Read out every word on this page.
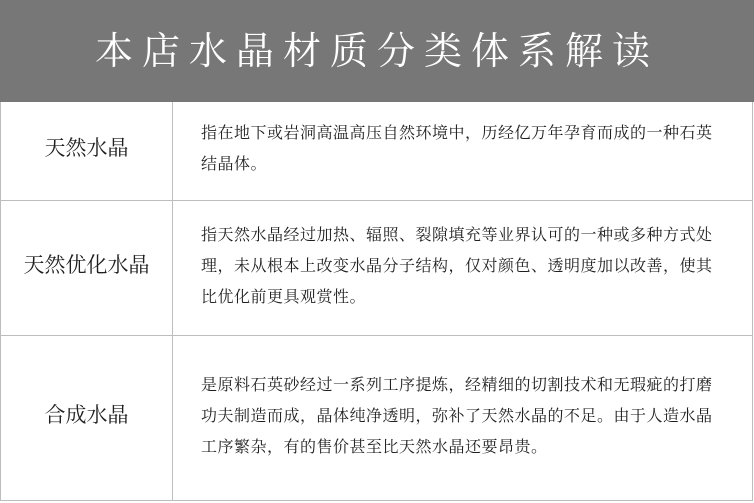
本店水晶材质分类体系解读
天然水晶

指在地下或岩洞高温高压自然环境中，历经亿万年孕育而成的一种石英结晶体。

天然优化水晶

指天然水晶经过加热、辐照、裂隙填充等业界认可的一种或多种方式处理，未从根本上改变水晶分子结构，仅对颜色、透明度加以改善，使其比优化前更具观赏性。

合成水晶

是原料石英砂经过一系列工序提炼，经精细的切割技术和无瑕疵的打磨功夫制造而成，晶体纯净透明，弥补了天然水晶的不足。由于人造水晶工序繁杂，有的售价甚至比天然水晶还要昂贵。
